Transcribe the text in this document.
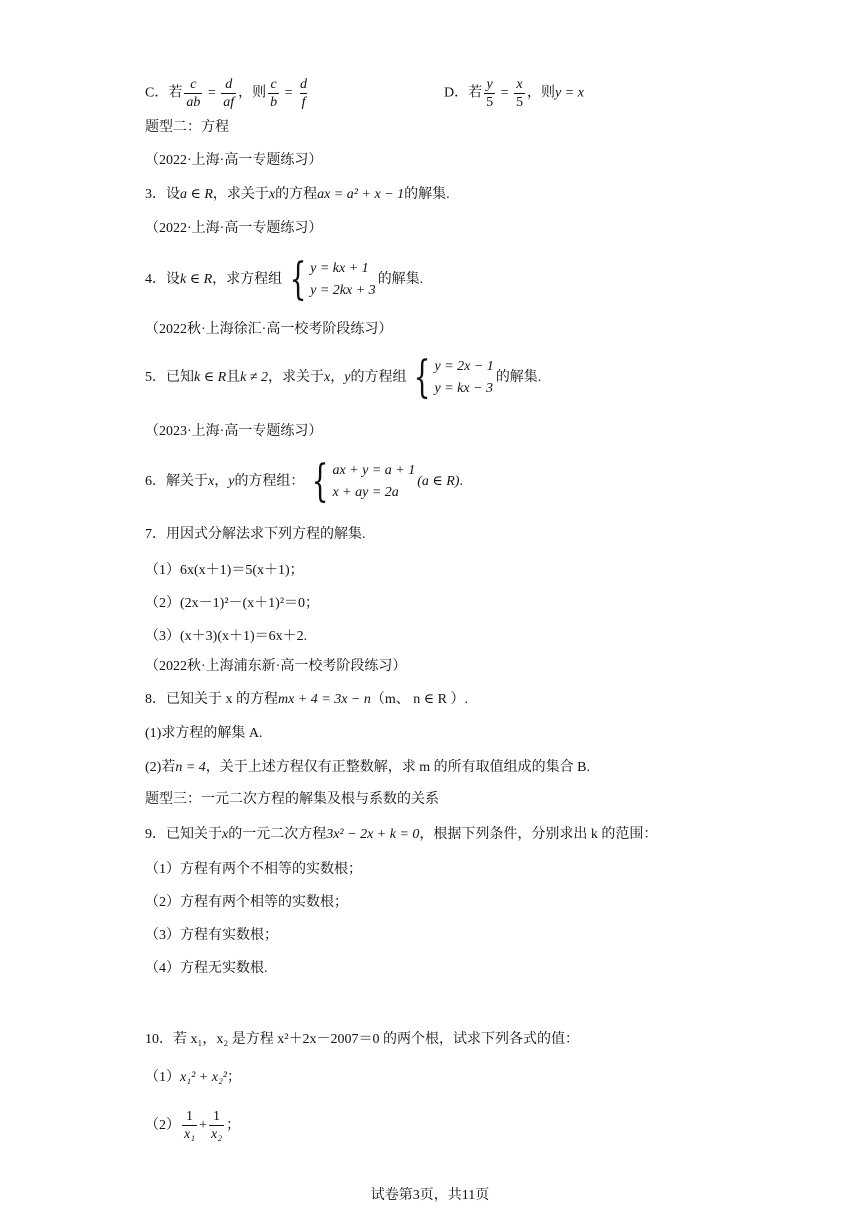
C．若 $\frac{c}{ab} = \frac{d}{af}$ ，则 $\frac{c}{b} = \frac{d}{f}$	D．若 $\frac{y}{5} = \frac{x}{5}$ ，则y = x
题型二：方程
（2022·上海·高一专题练习）
3．设a ∈ R，求关于x的方程ax = a² + x − 1的解集.
（2022·上海·高一专题练习）
4．设k ∈ R，求方程组 { y = kx + 1
y = 2kx + 3
的解集.
（2022秋·上海徐汇·高一校考阶段练习）
5．已知k ∈ R且k ≠ 2，求关于x，y的方程组 { y = 2x − 1
y = kx − 3
的解集.
（2023·上海·高一专题练习）
6．解关于x，y的方程组： { ax + y = a + 1
x + ay = 2a
(a ∈ R).
7．用因式分解法求下列方程的解集.
（1）6x(x＋1)＝5(x＋1)；
（2）(2x－1)²－(x＋1)²＝0；
（3）(x＋3)(x＋1)＝6x＋2.
（2022秋·上海浦东新·高一校考阶段练习）
8．已知关于 x 的方程mx + 4 = 3x − n（m、 n ∈ R ）.
(1)求方程的解集 A.
(2)若n = 4，关于上述方程仅有正整数解，求 m 的所有取值组成的集合 B.
题型三：一元二次方程的解集及根与系数的关系
9．已知关于x的一元二次方程3x² − 2x + k = 0，根据下列条件，分别求出 k 的范围：
（1）方程有两个不相等的实数根；
（2）方程有两个相等的实数根；
（3）方程有实数根；
（4）方程无实数根.
10．若 x₁，x₂ 是方程 x²＋2x－2007＝0 的两个根，试求下列各式的值：
（1）x₁² + x₂²；
$(2) \frac{1}{\text{x₁}} + \frac{1}{\text{x₂}}$ ；
试卷第3页，共11页
